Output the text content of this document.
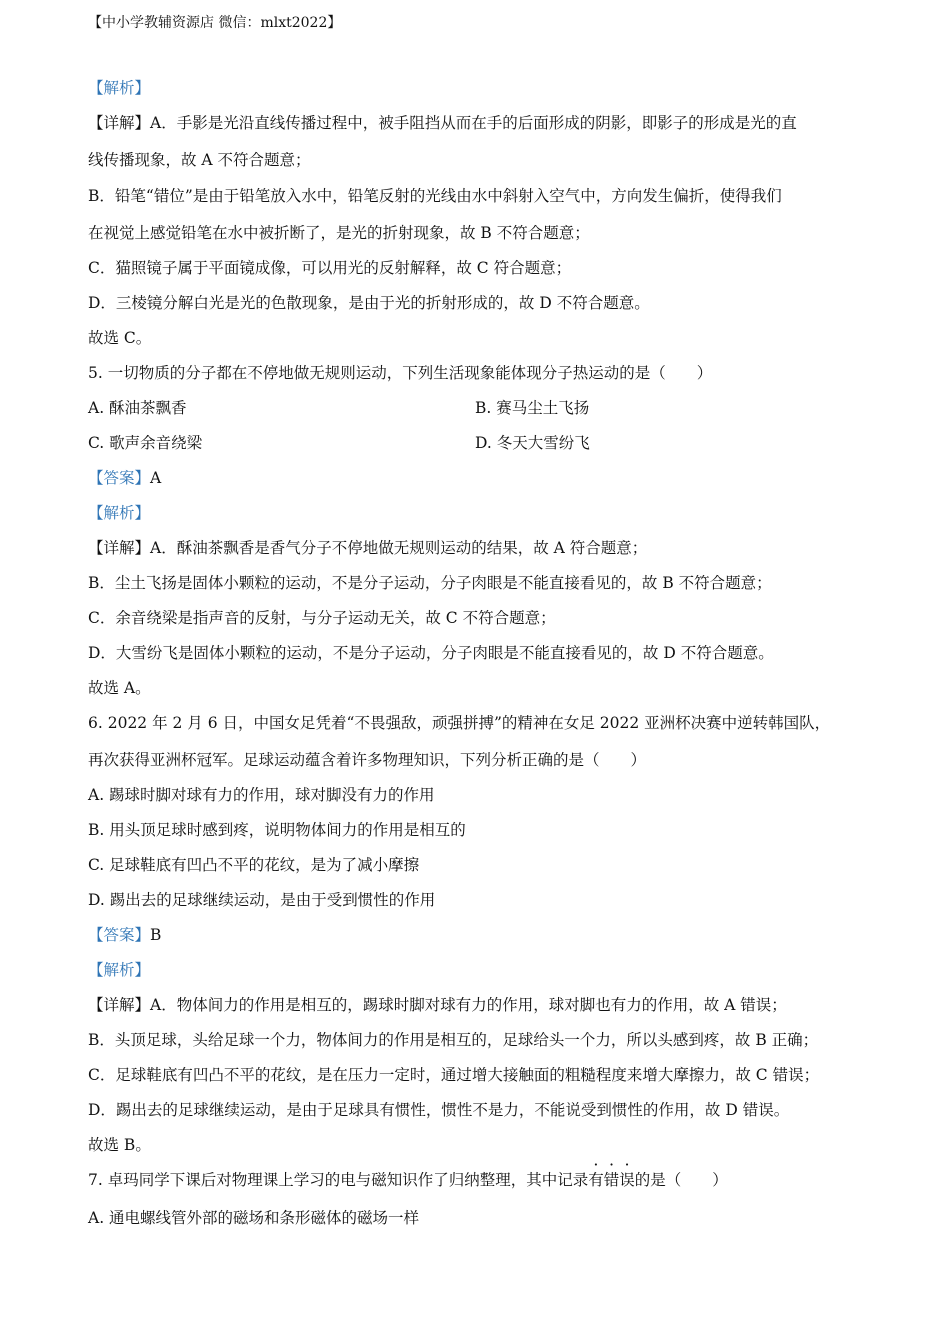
【中小学教辅资源店 微信：mlxt2022】
【解析】
【详解】A．手影是光沿直线传播过程中，被手阻挡从而在手的后面形成的阴影，即影子的形成是光的直
线传播现象，故 A 不符合题意；
B．铅笔“错位”是由于铅笔放入水中，铅笔反射的光线由水中斜射入空气中，方向发生偏折，使得我们
在视觉上感觉铅笔在水中被折断了，是光的折射现象，故 B 不符合题意；
C．猫照镜子属于平面镜成像，可以用光的反射解释，故 C 符合题意；
D．三棱镜分解白光是光的色散现象，是由于光的折射形成的，故 D 不符合题意。
故选 C。
5. 一切物质的分子都在不停地做无规则运动，下列生活现象能体现分子热运动的是（　　）
A. 酥油茶飘香	B. 赛马尘土飞扬
C. 歌声余音绕梁	D. 冬天大雪纷飞
【答案】A
【解析】
【详解】A．酥油茶飘香是香气分子不停地做无规则运动的结果，故 A 符合题意；
B．尘土飞扬是固体小颗粒的运动，不是分子运动，分子肉眼是不能直接看见的，故 B 不符合题意；
C．余音绕梁是指声音的反射，与分子运动无关，故 C 不符合题意；
D．大雪纷飞是固体小颗粒的运动，不是分子运动，分子肉眼是不能直接看见的，故 D 不符合题意。
故选 A。
6. 2022 年 2 月 6 日，中国女足凭着“不畏强敌，顽强拼搏”的精神在女足 2022 亚洲杯决赛中逆转韩国队，
再次获得亚洲杯冠军。足球运动蕴含着许多物理知识，下列分析正确的是（　　）
A. 踢球时脚对球有力的作用，球对脚没有力的作用
B. 用头顶足球时感到疼，说明物体间力的作用是相互的
C. 足球鞋底有凹凸不平的花纹，是为了减小摩擦
D. 踢出去的足球继续运动，是由于受到惯性的作用
【答案】B
【解析】
【详解】A．物体间力的作用是相互的，踢球时脚对球有力的作用，球对脚也有力的作用，故 A 错误；
B．头顶足球，头给足球一个力，物体间力的作用是相互的，足球给头一个力，所以头感到疼，故 B 正确；
C．足球鞋底有凹凸不平的花纹，是在压力一定时，通过增大接触面的粗糙程度来增大摩擦力，故 C 错误；
D．踢出去的足球继续运动，是由于足球具有惯性，惯性不是力，不能说受到惯性的作用，故 D 错误。
故选 B。
7. 卓玛同学下课后对物理课上学习的电与磁知识作了归纳整理，其中记录有错误的是（　　）
A. 通电螺线管外部的磁场和条形磁体的磁场一样
